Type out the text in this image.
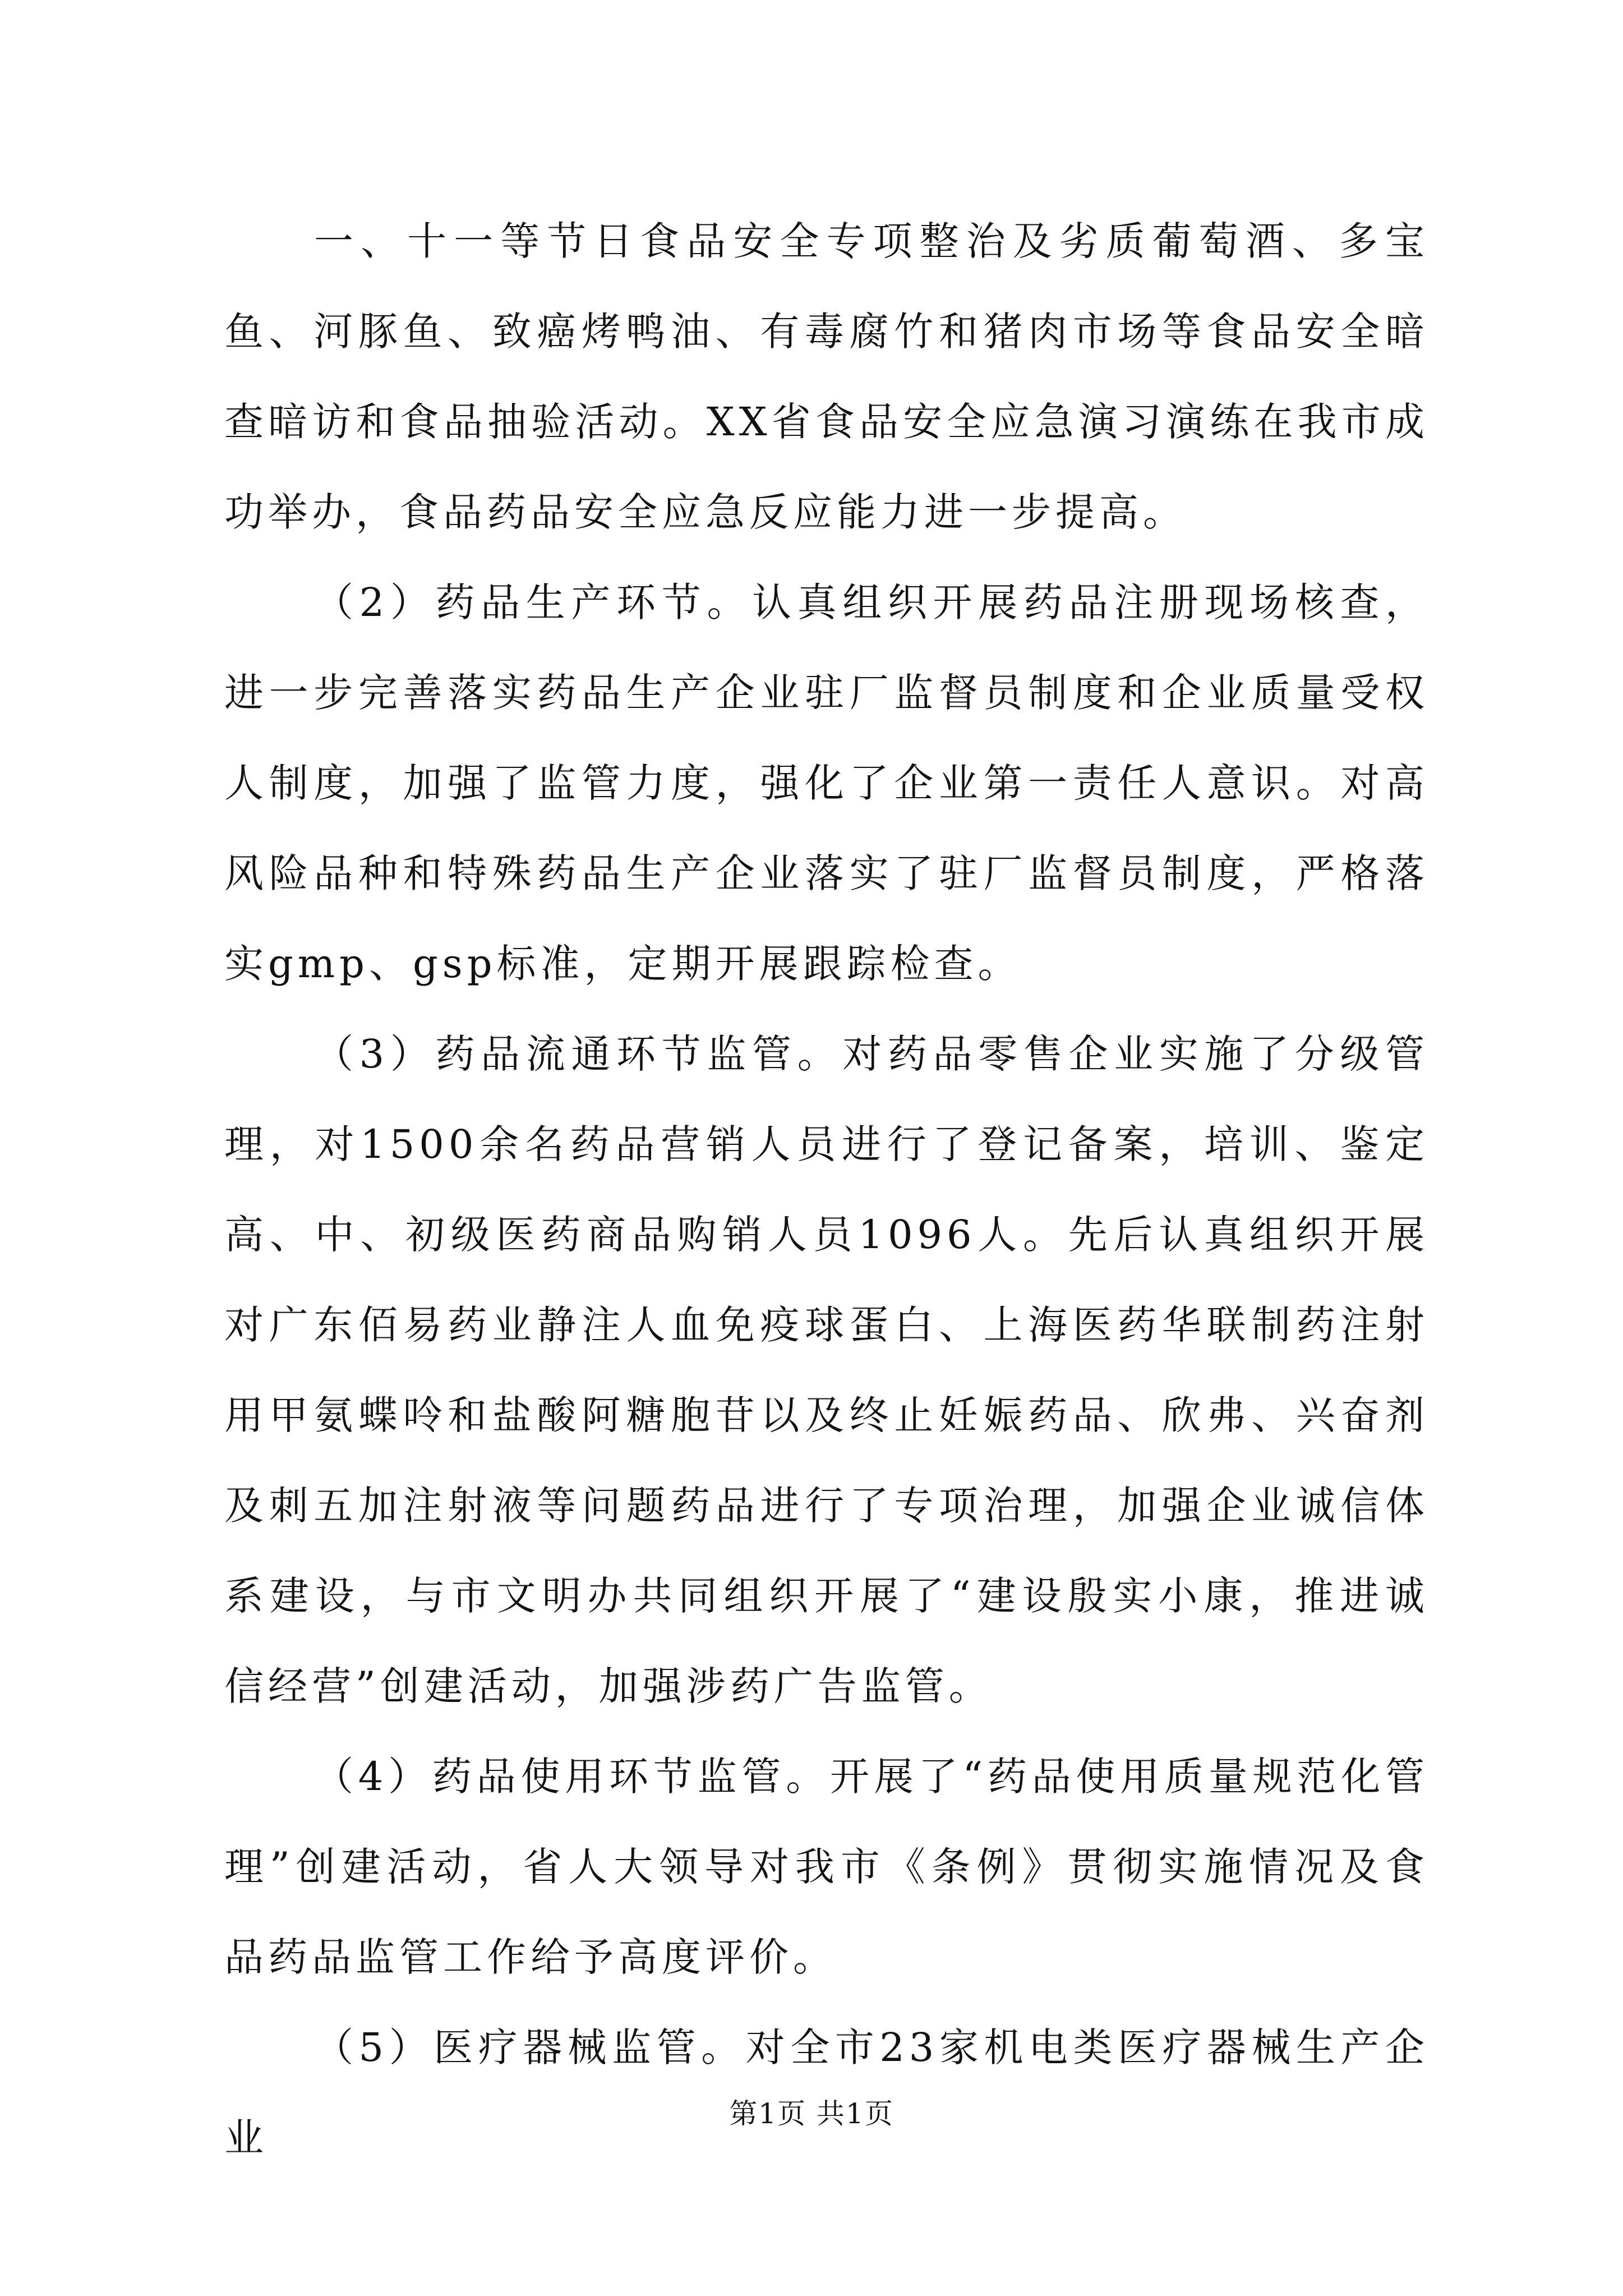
一、十一等节日食品安全专项整治及劣质葡萄酒、多宝鱼、河豚鱼、致癌烤鸭油、有毒腐竹和猪肉市场等食品安全暗查暗访和食品抽验活动。XX省食品安全应急演习演练在我市成功举办，食品药品安全应急反应能力进一步提高。

（2）药品生产环节。认真组织开展药品注册现场核查，进一步完善落实药品生产企业驻厂监督员制度和企业质量受权人制度，加强了监管力度，强化了企业第一责任人意识。对高风险品种和特殊药品生产企业落实了驻厂监督员制度，严格落实gmp、gsp标准，定期开展跟踪检查。

（3）药品流通环节监管。对药品零售企业实施了分级管理，对1500余名药品营销人员进行了登记备案，培训、鉴定高、中、初级医药商品购销人员1096人。先后认真组织开展对广东佰易药业静注人血免疫球蛋白、上海医药华联制药注射用甲氨蝶呤和盐酸阿糖胞苷以及终止妊娠药品、欣弗、兴奋剂及刺五加注射液等问题药品进行了专项治理，加强企业诚信体系建设，与市文明办共同组织开展了“建设殷实小康，推进诚信经营”创建活动，加强涉药广告监管。

（4）药品使用环节监管。开展了“药品使用质量规范化管理”创建活动，省人大领导对我市《条例》贯彻实施情况及食品药品监管工作给予高度评价。

（5）医疗器械监管。对全市23家机电类医疗器械生产企业

第1页 共1页
